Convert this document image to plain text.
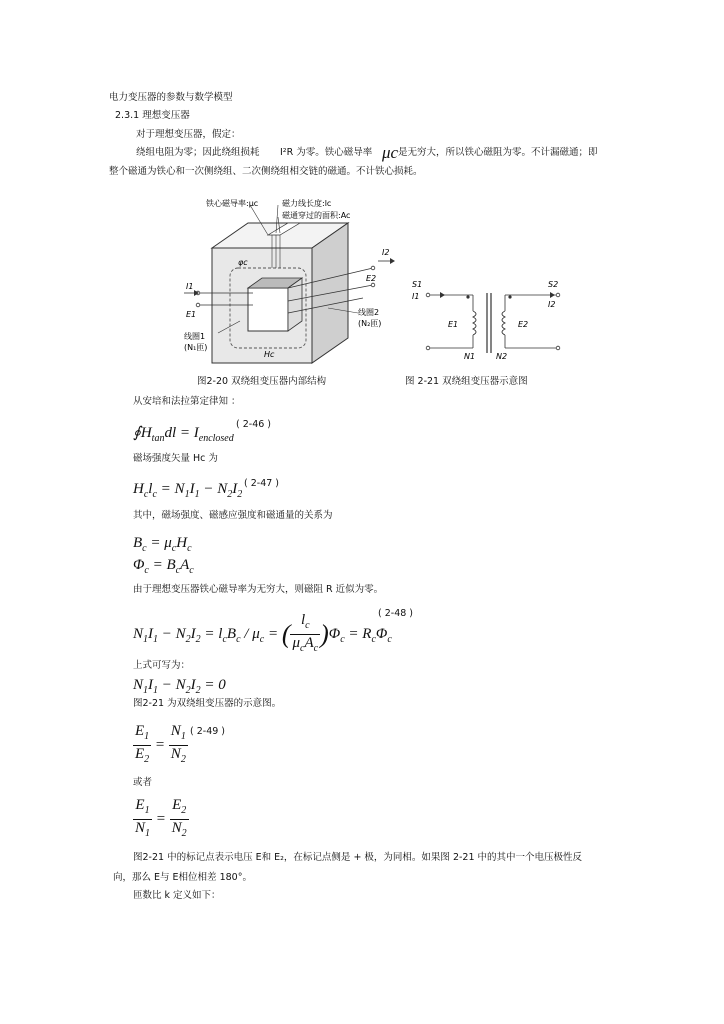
电力变压器的参数与数学模型
2.3.1 理想变压器
对于理想变压器，假定：
绕组电阻为零；因此绕组损耗 I²R 为零。铁心磁导率 μc 是无穷大，所以铁心磁阻为零。不计漏磁通；即
整个磁通为铁心和一次侧绕组、二次侧绕组相交链的磁通。不计铁心损耗。
铁心磁导率:μc	磁力线长度:lc
磁通穿过的面积:Ac
线圈2
(N₂匝)
线圈1
(N₁匝)
φc
Hc
I1
E1
I2
E2
S1
I1
S2
I2
E1	E2
N1	N2
图2-20 双绕组变压器内部结构	图 2-21 双绕组变压器示意图
从安培和法拉第定律知 ：
$∮H_{tan}dl = I_{enclosed}$
( 2-46 )
磁场强度矢量 Hc 为
$H_cl_c = N_1I_1 - N_2I_2$
( 2-47 )
其中，磁场强度、磁感应强度和磁通量的关系为
$B_c = \mu_cH_c$
$\Phi_c = B_cA_c$
由于理想变压器铁心磁导率为无穷大，则磁阻 R 近似为零。
$N_1I_1 - N_2I_2 = l_cB_c / \mu_c$ = ( $\frac{l_c}{\mu_cA_c} )\Phi_c = R_c\Phi_c$
( 2-48 )
上式可写为：
$N_1I_1 - N_2I_2 = 0$
图2-21 为双绕组变压器的示意图。
$\frac{E_1}{E_2} = \frac{N_1}{N_2}$ ( 2-49 )
或者
$\frac{E_1}{N_1} = \frac{E_2}{N_2}$
图2-21 中的标记点表示电压 E和 E₂，在标记点侧是 + 极，为同相。如果图 2-21 中的其中一个电压极性反
向，那么 E与 E相位相差 180°。
匝数比 k 定义如下：
